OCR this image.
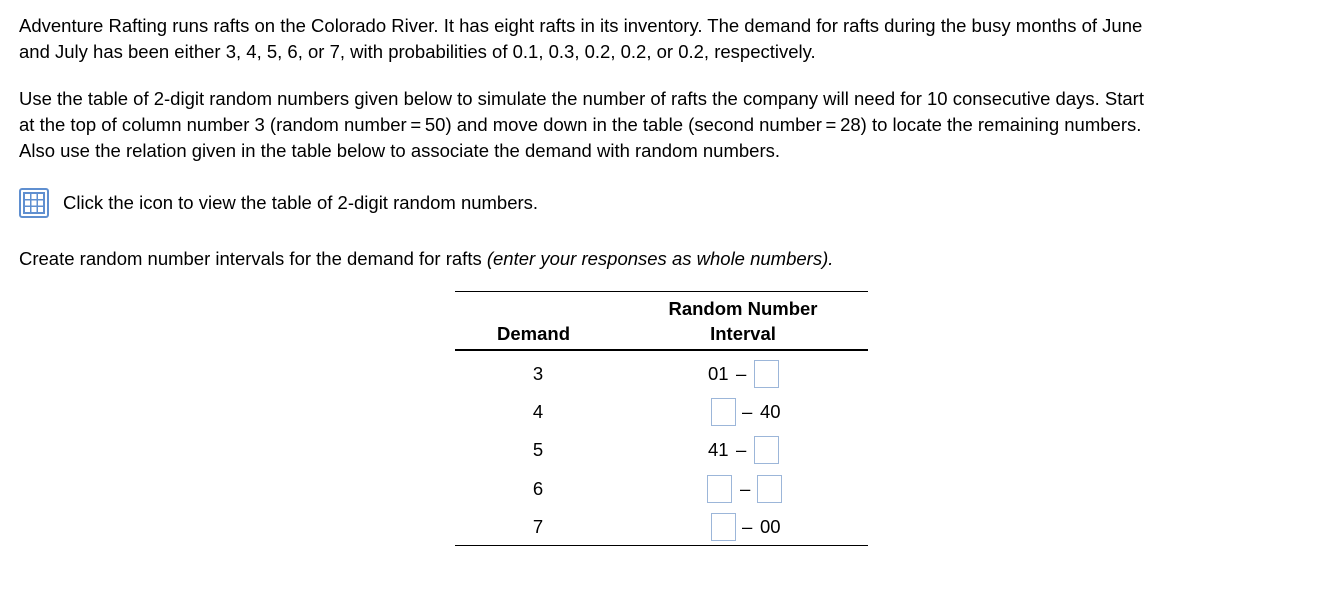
Adventure Rafting runs rafts on the Colorado River. It has eight rafts in its inventory. The demand for rafts during the busy months of June
and July has been either 3, 4, 5, 6, or 7, with probabilities of 0.1, 0.3, 0.2, 0.2, or 0.2, respectively.
Use the table of 2-digit random numbers given below to simulate the number of rafts the company will need for 10 consecutive days. Start
at the top of column number 3 (random number = 50) and move down in the table (second number = 28) to locate the remaining numbers.
Also use the relation given in the table below to associate the demand with random numbers.
Click the icon to view the table of 2-digit random numbers.
Create random number intervals for the demand for rafts (enter your responses as whole numbers).
Random Number
Interval
Demand
3	01 –
4	– 40
5	41 –
6	–
7	– 00
